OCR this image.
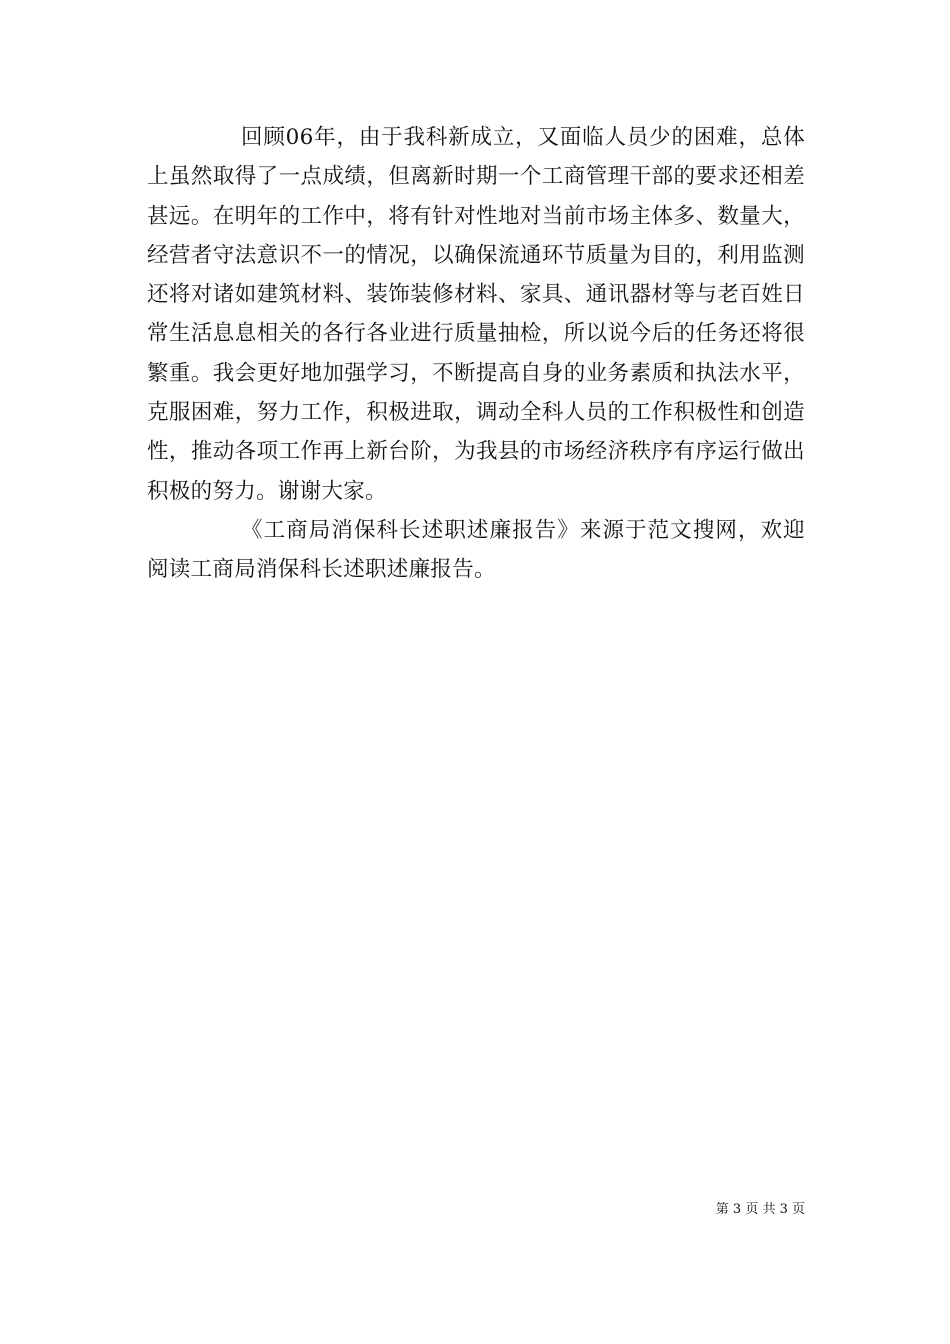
回顾06年，由于我科新成立，又面临人员少的困难，总体上虽然取得了一点成绩，但离新时期一个工商管理干部的要求还相差甚远。在明年的工作中，将有针对性地对当前市场主体多、数量大，经营者守法意识不一的情况，以确保流通环节质量为目的，利用监测还将对诸如建筑材料、装饰装修材料、家具、通讯器材等与老百姓日常生活息息相关的各行各业进行质量抽检，所以说今后的任务还将很繁重。我会更好地加强学习，不断提高自身的业务素质和执法水平，克服困难，努力工作，积极进取，调动全科人员的工作积极性和创造性，推动各项工作再上新台阶，为我县的市场经济秩序有序运行做出积极的努力。谢谢大家。

《工商局消保科长述职述廉报告》来源于范文搜网，欢迎阅读工商局消保科长述职述廉报告。

第 3 页 共 3 页
